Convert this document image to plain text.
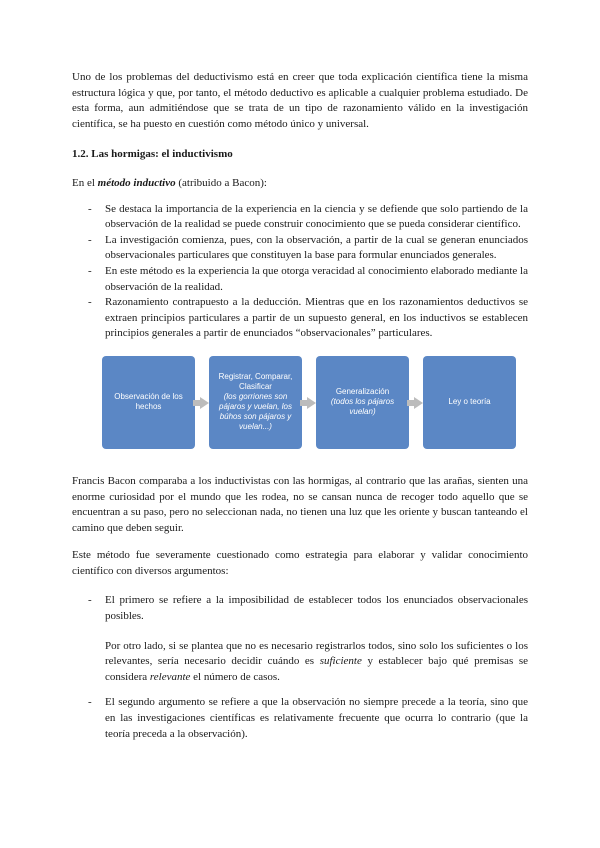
Uno de los problemas del deductivismo está en creer que toda explicación científica tiene la misma estructura lógica y que, por tanto, el método deductivo es aplicable a cualquier problema estudiado. De esta forma, aun admitiéndose que se trata de un tipo de razonamiento válido en la investigación científica, se ha puesto en cuestión como método único y universal.

1.2. Las hormigas: el inductivismo

En el método inductivo (atribuido a Bacon):

- Se destaca la importancia de la experiencia en la ciencia y se defiende que solo partiendo de la observación de la realidad se puede construir conocimiento que se pueda considerar científico.
- La investigación comienza, pues, con la observación, a partir de la cual se generan enunciados observacionales particulares que constituyen la base para formular enunciados generales.
- En este método es la experiencia la que otorga veracidad al conocimiento elaborado mediante la observación de la realidad.
- Razonamiento contrapuesto a la deducción. Mientras que en los razonamientos deductivos se extraen principios particulares a partir de un supuesto general, en los inductivos se establecen principios generales a partir de enunciados “observacionales” particulares.
Observación de los hechos
Registrar, Comparar, Clasificar
(los gorriones son pájaros y vuelan, los búhos son pájaros y vuelan...)
Generalización
(todos los pájaros vuelan)
Ley o teoría

Francis Bacon comparaba a los inductivistas con las hormigas, al contrario que las arañas, sienten una enorme curiosidad por el mundo que les rodea, no se cansan nunca de recoger todo aquello que se encuentran a su paso, pero no seleccionan nada, no tienen una luz que les oriente y buscan tanteando el camino que deben seguir.

Este método fue severamente cuestionado como estrategia para elaborar y validar conocimiento científico con diversos argumentos:

- El primero se refiere a la imposibilidad de establecer todos los enunciados observacionales posibles.

Por otro lado, si se plantea que no es necesario registrarlos todos, sino solo los suficientes o los relevantes, sería necesario decidir cuándo es suficiente y establecer bajo qué premisas se considera relevante el número de casos.

- El segundo argumento se refiere a que la observación no siempre precede a la teoría, sino que en las investigaciones científicas es relativamente frecuente que ocurra lo contrario (que la teoría preceda a la observación).
